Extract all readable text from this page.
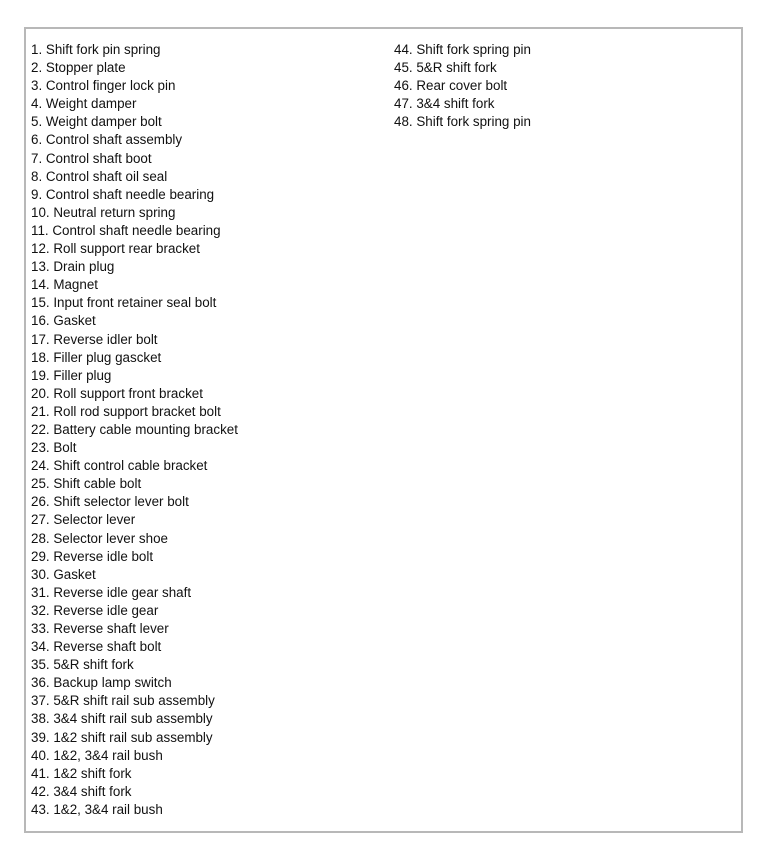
1. Shift fork pin spring
2. Stopper plate
3. Control finger lock pin
4. Weight damper
5. Weight damper bolt
6. Control shaft assembly
7. Control shaft boot
8. Control shaft oil seal
9. Control shaft needle bearing
10. Neutral return spring
11. Control shaft needle bearing
12. Roll support rear bracket
13. Drain plug
14. Magnet
15. Input front retainer seal bolt
16. Gasket
17. Reverse idler bolt
18. Filler plug gascket
19. Filler plug
20. Roll support front bracket
21. Roll rod support bracket bolt
22. Battery cable mounting bracket
23. Bolt
24. Shift control cable bracket
25. Shift cable bolt
26. Shift selector lever bolt
27. Selector lever
28. Selector lever shoe
29. Reverse idle bolt
30. Gasket
31. Reverse idle gear shaft
32. Reverse idle gear
33. Reverse shaft lever
34. Reverse shaft bolt
35. 5&R shift fork
36. Backup lamp switch
37. 5&R shift rail sub assembly
38. 3&4 shift rail sub assembly
39. 1&2 shift rail sub assembly
40. 1&2, 3&4 rail bush
41. 1&2 shift fork
42. 3&4 shift fork
43. 1&2, 3&4 rail bush
44. Shift fork spring pin
45. 5&R shift fork
46. Rear cover bolt
47. 3&4 shift fork
48. Shift fork spring pin
